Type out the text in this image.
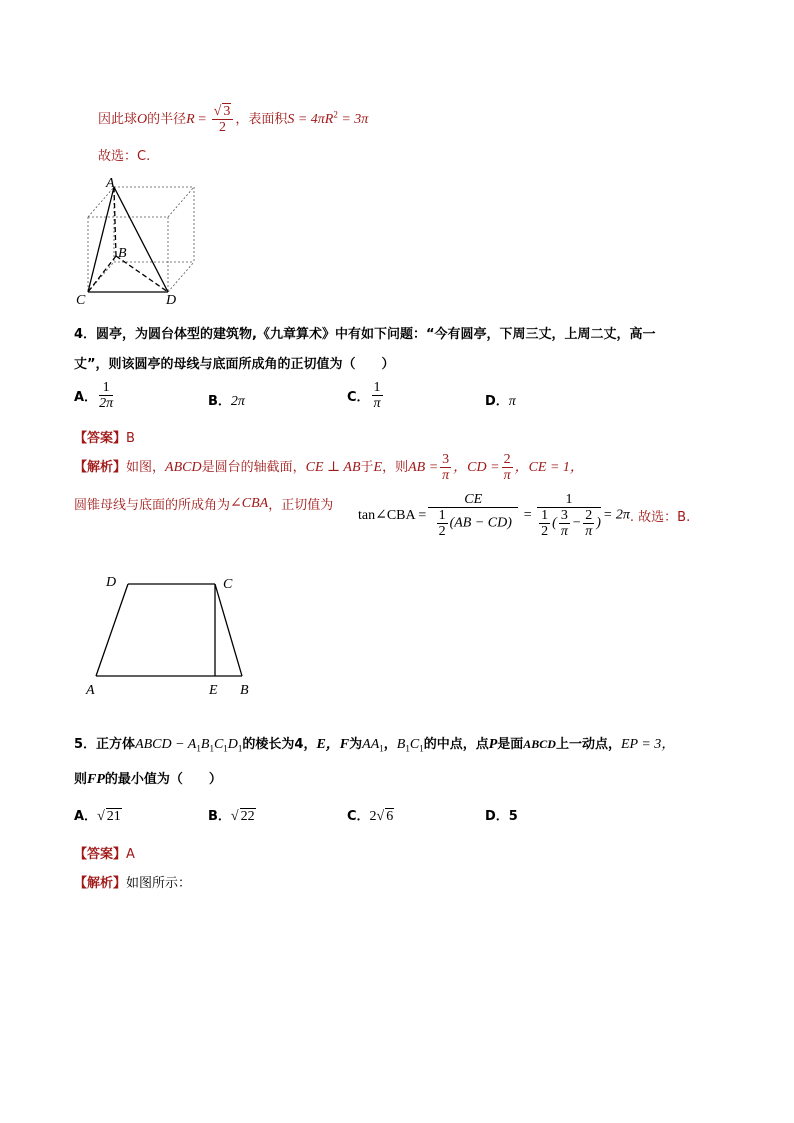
因此球O的半径$R = \frac{√ 3}{2}$ ，表面积$S = 4\pi R^2 = 3\pi$
故选：C.
A
B
C	D
4．圆亭，为圆台体型的建筑物,《九章算术》中有如下问题：“今有圆亭，下周三丈，上周二丈，高一
丈”，则该圆亭的母线与底面所成角的正切值为（　　）
A． $\frac{1}{2\pi}$	B．2π	C． $\frac{1}{\pi}$	D．π
【答案】B
【解析】如图，ABCD是圆台的轴截面，CE ⊥ AB于E，则AB = $\frac{3}{\pi}$ ，CD = $\frac{2}{\pi}$ ，CE = 1，
圆锥母线与底面的所成角为∠CBA，正切值为
tan∠CBA = $\frac{CE}{\frac{1}{2} (AB - CD)} = \frac{1}{\frac{1}{2} ( \frac{3}{\pi} - \frac{2}{\pi} )} = 2\pi$. 故选：B.
D	C
A	E B
5．正方体ABCD − $A_1B_1C_1D_1$的棱长为4，E，F为$AA_1$，$B_1C_1$的中点，点P是面ABCD上一动点，EP = 3，
则FP的最小值为（　　）
A．√ 21	B．√ 22	C．2√ 6	D．5
【答案】A
【解析】如图所示：
